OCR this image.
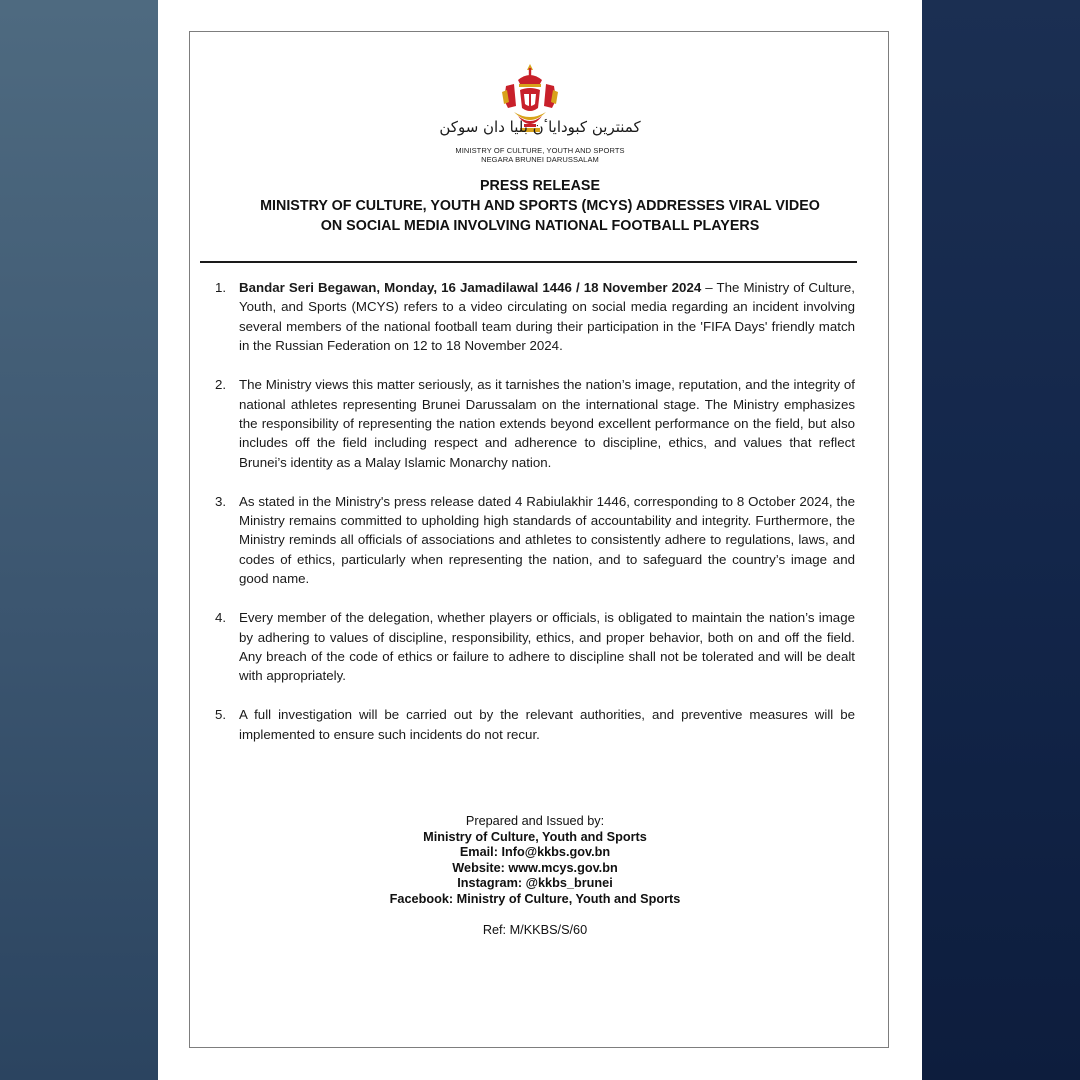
کمنترين کبوداياٴن بليا دان سوکن
MINISTRY OF CULTURE, YOUTH AND SPORTS
NEGARA BRUNEI DARUSSALAM
PRESS RELEASE
MINISTRY OF CULTURE, YOUTH AND SPORTS (MCYS) ADDRESSES VIRAL VIDEO
ON SOCIAL MEDIA INVOLVING NATIONAL FOOTBALL PLAYERS
1. Bandar Seri Begawan, Monday, 16 Jamadilawal 1446 / 18 November 2024 – The Ministry of Culture, Youth, and Sports (MCYS) refers to a video circulating on social media regarding an incident involving several members of the national football team during their participation in the 'FIFA Days' friendly match in the Russian Federation on 12 to 18 November 2024.
2. The Ministry views this matter seriously, as it tarnishes the nation’s image, reputation, and the integrity of national athletes representing Brunei Darussalam on the international stage. The Ministry emphasizes the responsibility of representing the nation extends beyond excellent performance on the field, but also includes off the field including respect and adherence to discipline, ethics, and values that reflect Brunei’s identity as a Malay Islamic Monarchy nation.
3. As stated in the Ministry's press release dated 4 Rabiulakhir 1446, corresponding to 8 October 2024, the Ministry remains committed to upholding high standards of accountability and integrity. Furthermore, the Ministry reminds all officials of associations and athletes to consistently adhere to regulations, laws, and codes of ethics, particularly when representing the nation, and to safeguard the country’s image and good name.
4. Every member of the delegation, whether players or officials, is obligated to maintain the nation’s image by adhering to values of discipline, responsibility, ethics, and proper behavior, both on and off the field. Any breach of the code of ethics or failure to adhere to discipline shall not be tolerated and will be dealt with appropriately.
5. A full investigation will be carried out by the relevant authorities, and preventive measures will be implemented to ensure such incidents do not recur.
Prepared and Issued by:
Ministry of Culture, Youth and Sports
Email: Info@kkbs.gov.bn
Website: www.mcys.gov.bn
Instagram: @kkbs_brunei
Facebook: Ministry of Culture, Youth and Sports
Ref: M/KKBS/S/60
